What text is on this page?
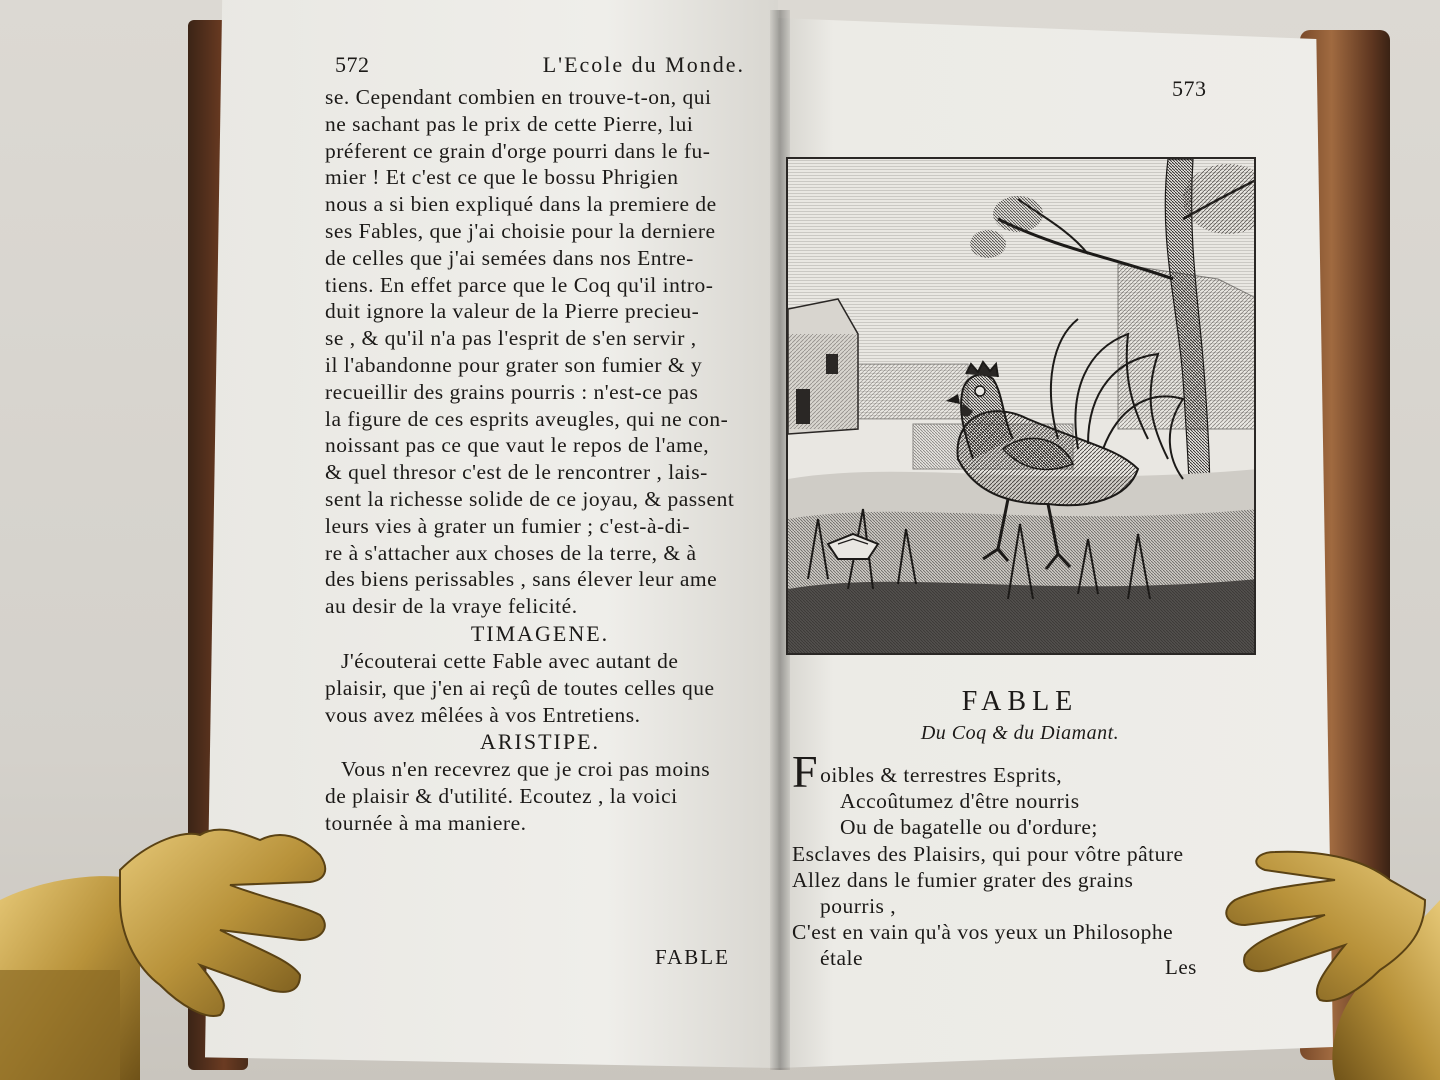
572	L'Ecole du Monde.
se. Cependant combien en trouve-t-on, qui
ne sachant pas le prix de cette Pierre, lui
préferent ce grain d'orge pourri dans le fu-
mier ! Et c'est ce que le bossu Phrigien
nous a si bien expliqué dans la premiere de
ses Fables, que j'ai choisie pour la derniere
de celles que j'ai semées dans nos Entre-
tiens. En effet parce que le Coq qu'il intro-
duit ignore la valeur de la Pierre precieu-
se , & qu'il n'a pas l'esprit de s'en servir ,
il l'abandonne pour grater son fumier & y
recueillir des grains pourris : n'est-ce pas
la figure de ces esprits aveugles, qui ne con-
noissant pas ce que vaut le repos de l'ame,
& quel thresor c'est de le rencontrer , lais-
sent la richesse solide de ce joyau, & passent
leurs vies à grater un fumier ; c'est-à-di-
re à s'attacher aux choses de la terre, & à
des biens perissables , sans élever leur ame
au desir de la vraye felicité.
TIMAGENE.
J'écouterai cette Fable avec autant de
plaisir, que j'en ai reçû de toutes celles que
vous avez mêlées à vos Entretiens.
ARISTIPE.
Vous n'en recevrez que je croi pas moins
de plaisir & d'utilité. Ecoutez , la voici
tournée à ma maniere.
FABLE
573
FABLE
Du Coq & du Diamant.
F oibles & terrestres Esprits,
Accoûtumez d'être nourris
Ou de bagatelle ou d'ordure;
Esclaves des Plaisirs, qui pour vôtre pâture
Allez dans le fumier grater des grains
pourris ,
C'est en vain qu'à vos yeux un Philosophe
étale	Les
